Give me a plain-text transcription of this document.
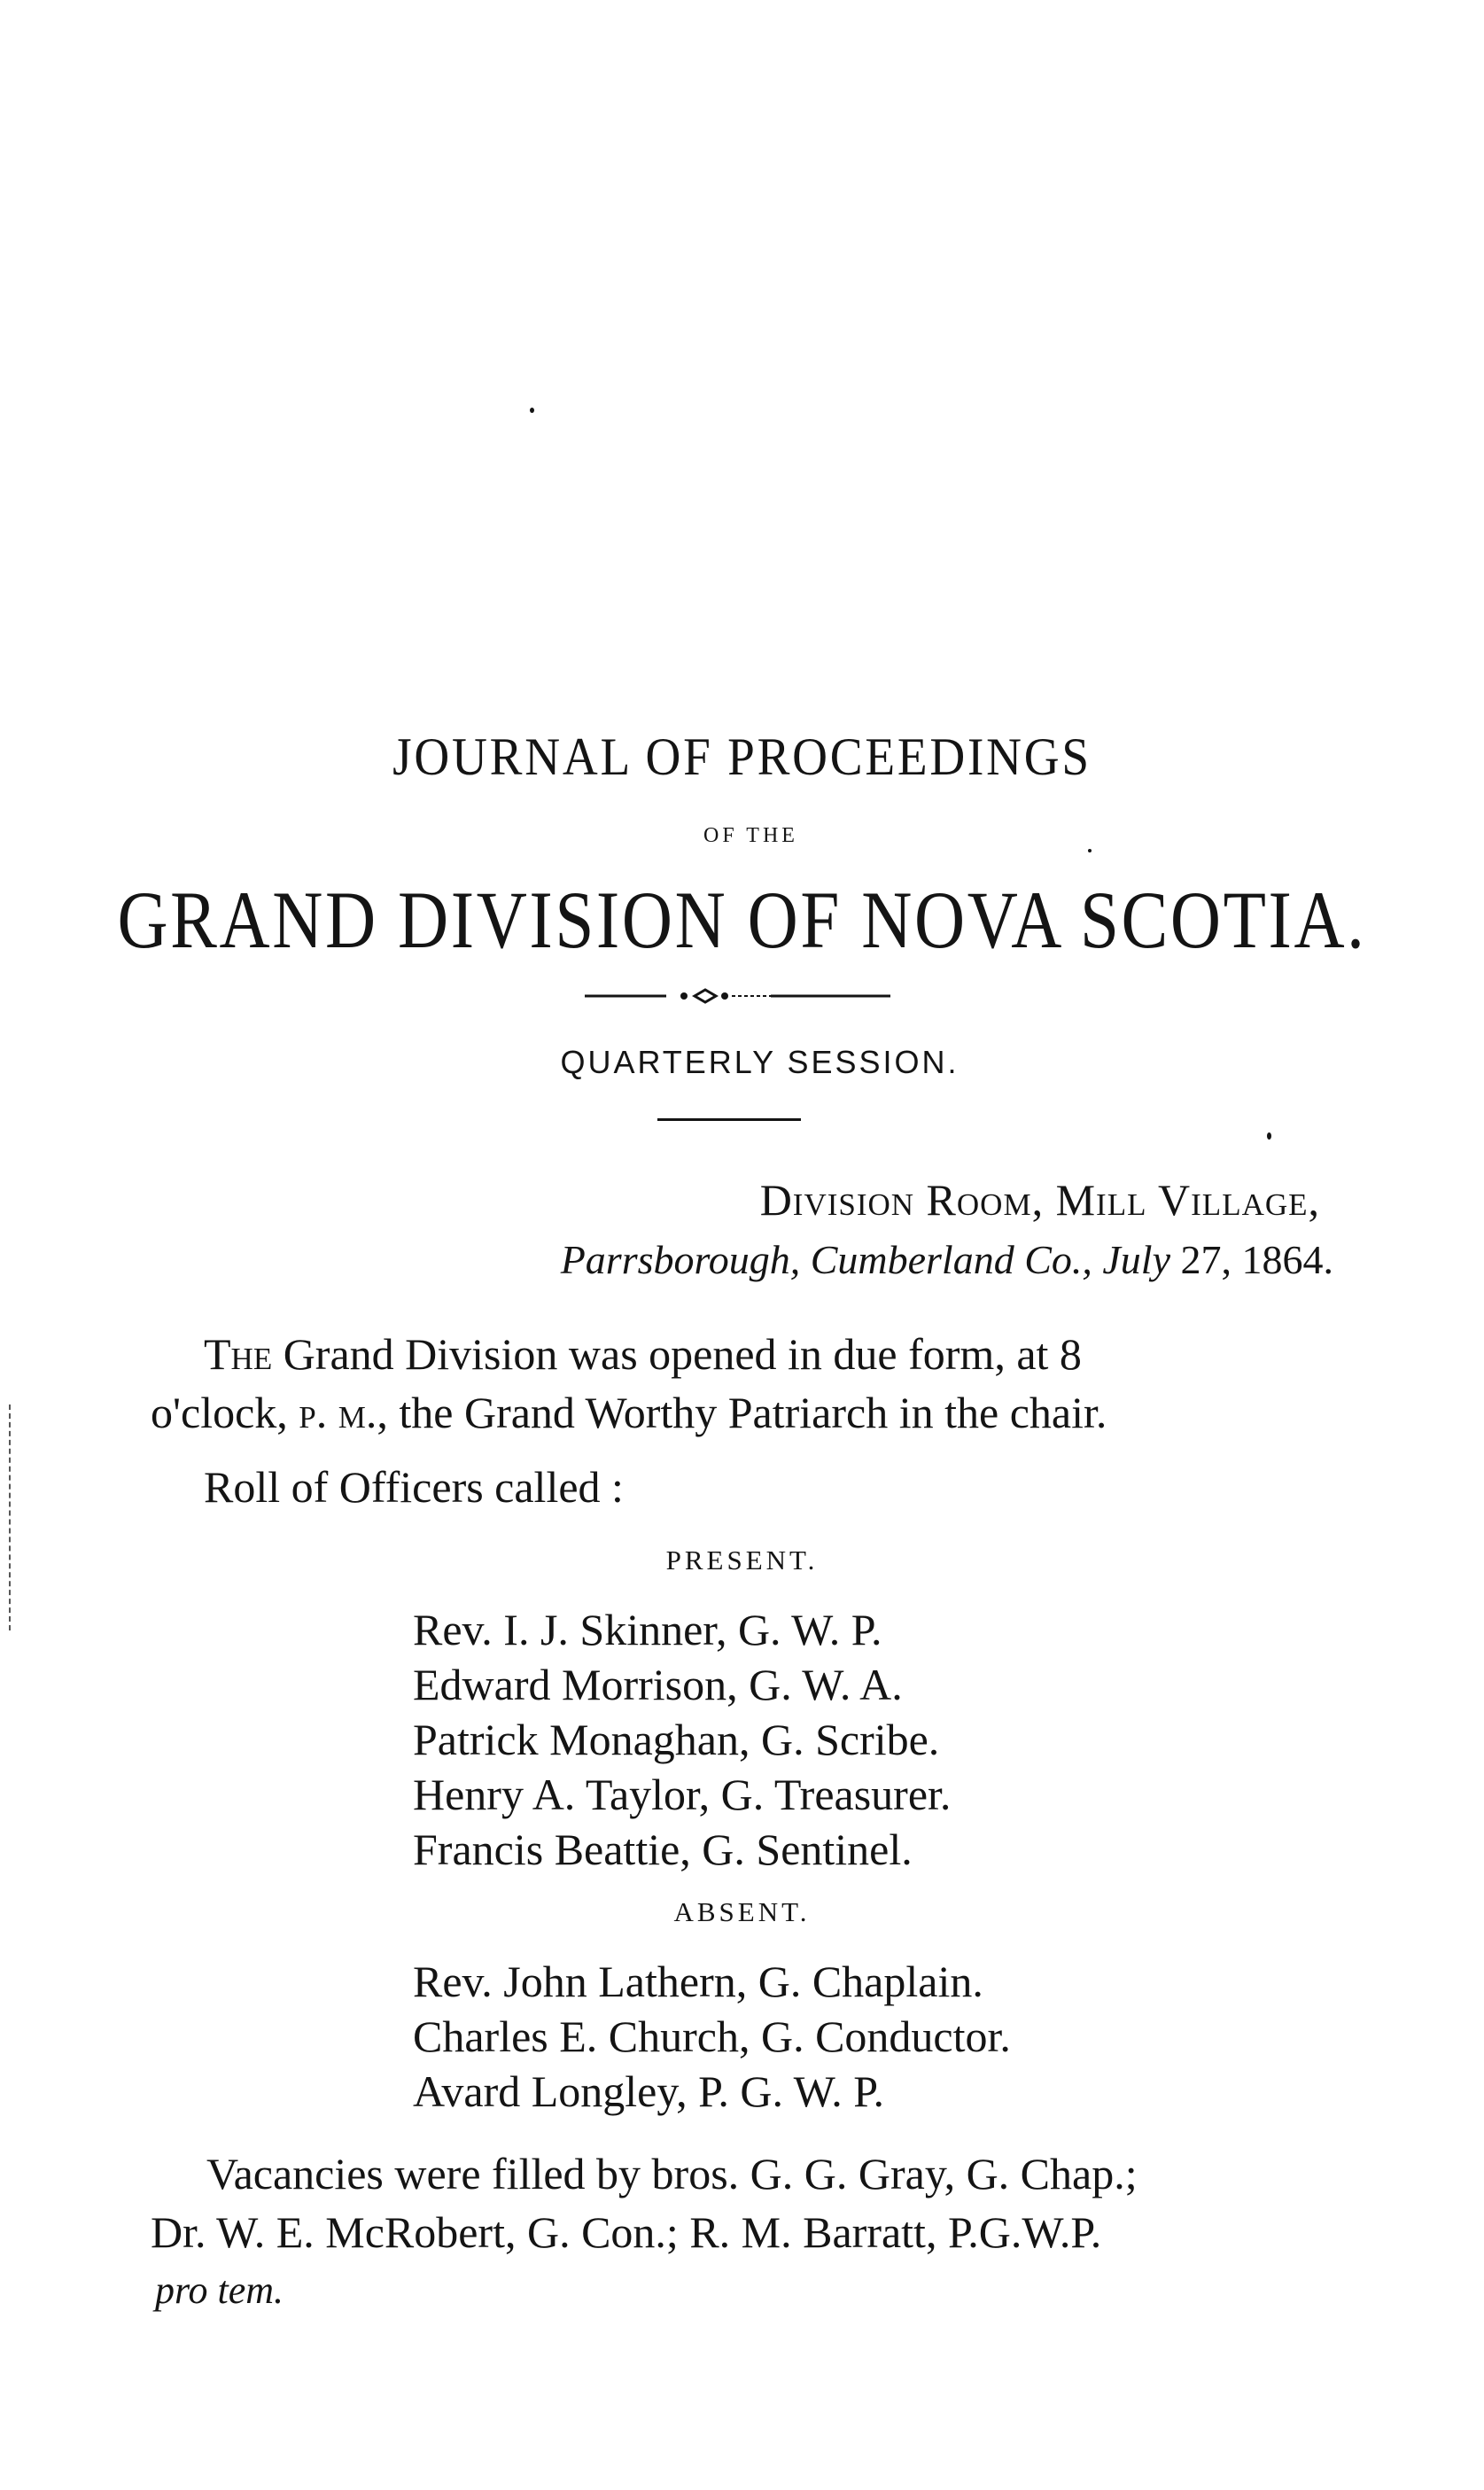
JOURNAL OF PROCEEDINGS
OF THE
GRAND DIVISION OF NOVA SCOTIA.
QUARTERLY SESSION.
Division Room, Mill Village,
Parrsborough, Cumberland Co., July 27, 1864.
The Grand Division was opened in due form, at 8
o'clock, p. m., the Grand Worthy Patriarch in the chair.
Roll of Officers called :
PRESENT.
Rev. I. J. Skinner, G. W. P.
Edward Morrison, G. W. A.
Patrick Monaghan, G. Scribe.
Henry A. Taylor, G. Treasurer.
Francis Beattie, G. Sentinel.
ABSENT.
Rev. John Lathern, G. Chaplain.
Charles E. Church, G. Conductor.
Avard Longley, P. G. W. P.
Vacancies were filled by bros. G. G. Gray, G. Chap.;
Dr. W. E. McRobert, G. Con.; R. M. Barratt, P.G.W.P.
pro tem.
